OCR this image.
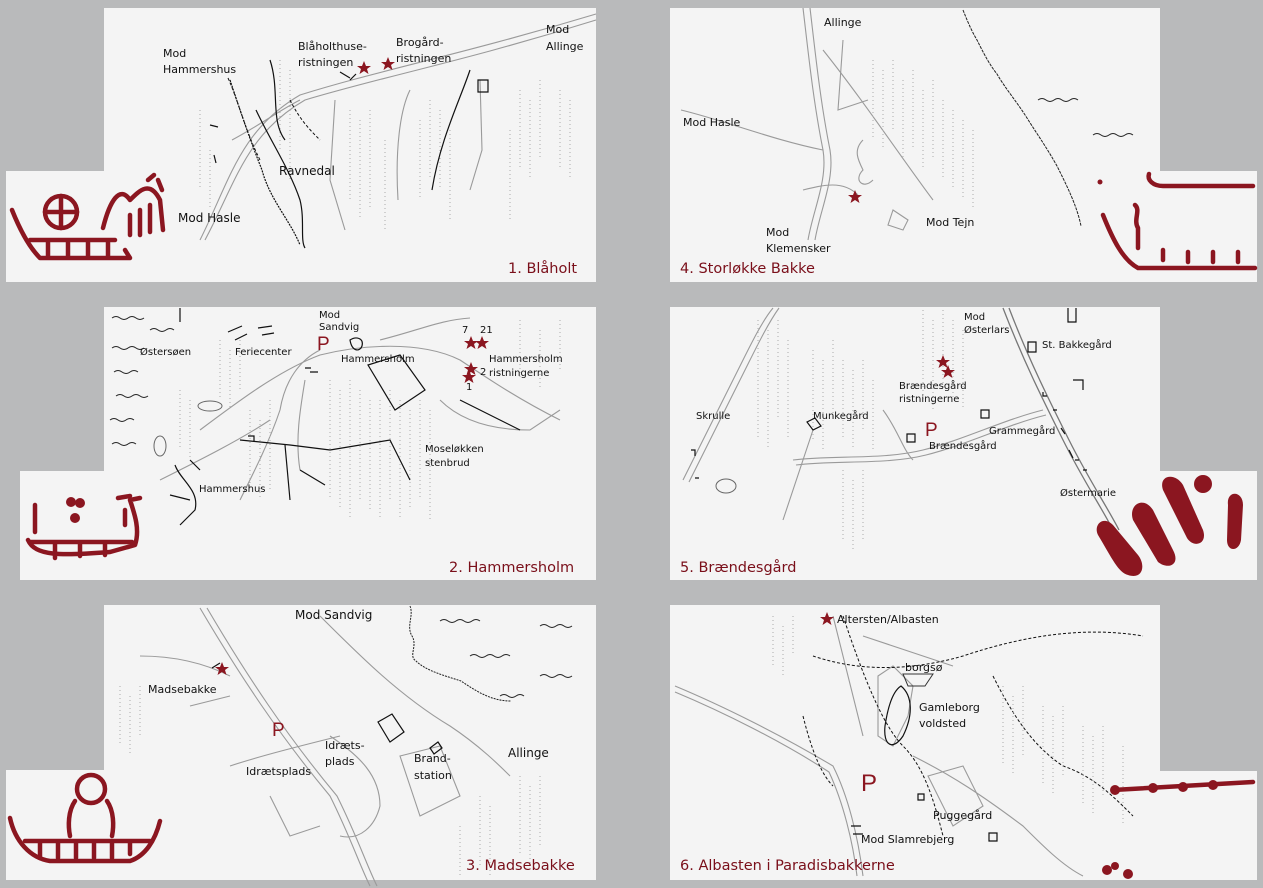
Mod
Hammershus
Blåholthuse-
ristningen
Brogård-
ristningen
Mod
Allinge
Ravnedal
Mod Hasle
1. Blåholt
P
Mod
Sandvig
Østersøen	Feriecenter
Hammersholm
7 21
2
1
Hammersholm
ristningerne
Moseløkken
stenbrud
Hammershus
2. Hammersholm
P
Mod Sandvig
Madsebakke
Idrætsplads
Idræts-
plads	Brand-
station
Allinge
3. Madsebakke
Allinge
Mod Hasle
Mod
Klemensker
Mod Tejn
4. Storløkke Bakke
P
Mod
Østerlars
St. Bakkegård
Brændesgård
ristningerne
Skrulle	Munkegård
Grammegård
Brændesgård
Østermarie
5. Brændesgård
P
Altersten/Albasten
borgsø
Gamleborg
voldsted
Puggegård
Mod Slamrebjerg
6. Albasten i Paradisbakkerne
